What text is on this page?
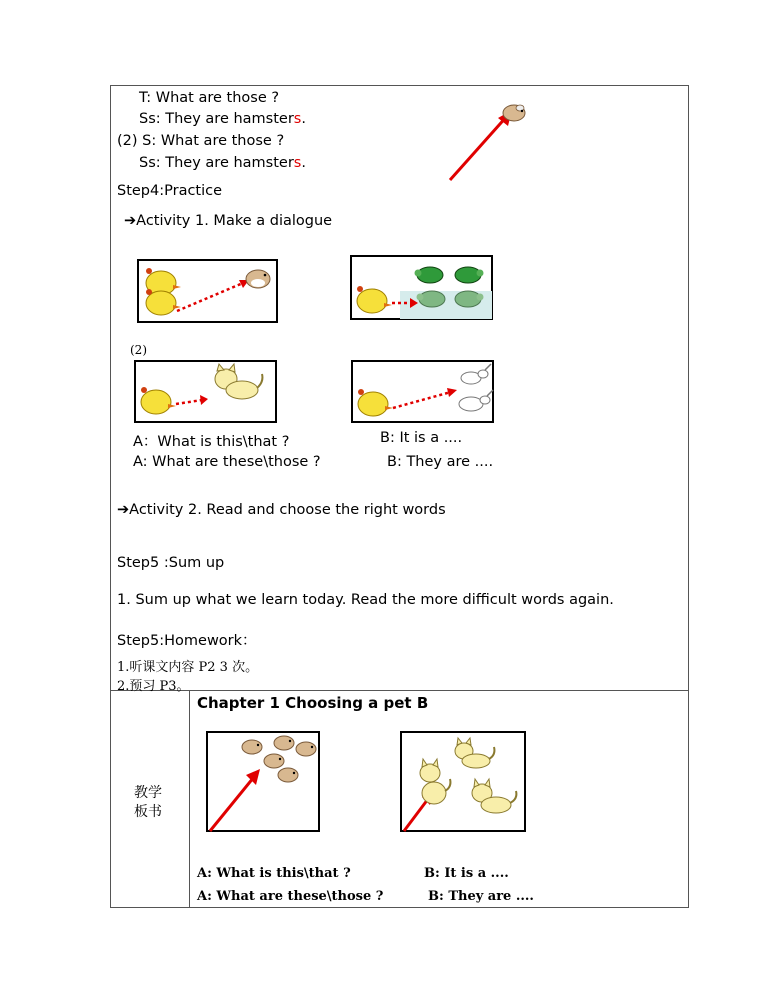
T: What are those ?
Ss: They are hamsters.
(2) S: What are those ?
Ss: They are hamsters.
Step4:Practice
➔Activity 1. Make a dialogue
(2)
A：What is this\that ?	B: It is a ....
A: What are these\those ?	B: They are ....
➔Activity 2. Read and choose the right words
Step5 :Sum up
1. Sum up what we learn today. Read the more difficult words again.
Step5:Homework：
1.听课文内容 P2 3 次。
2.预习 P3。
教学
板书
Chapter 1 Choosing a pet B
A: What is this\that ?	B: It is a ....
A: What are these\those ?	B: They are ....
